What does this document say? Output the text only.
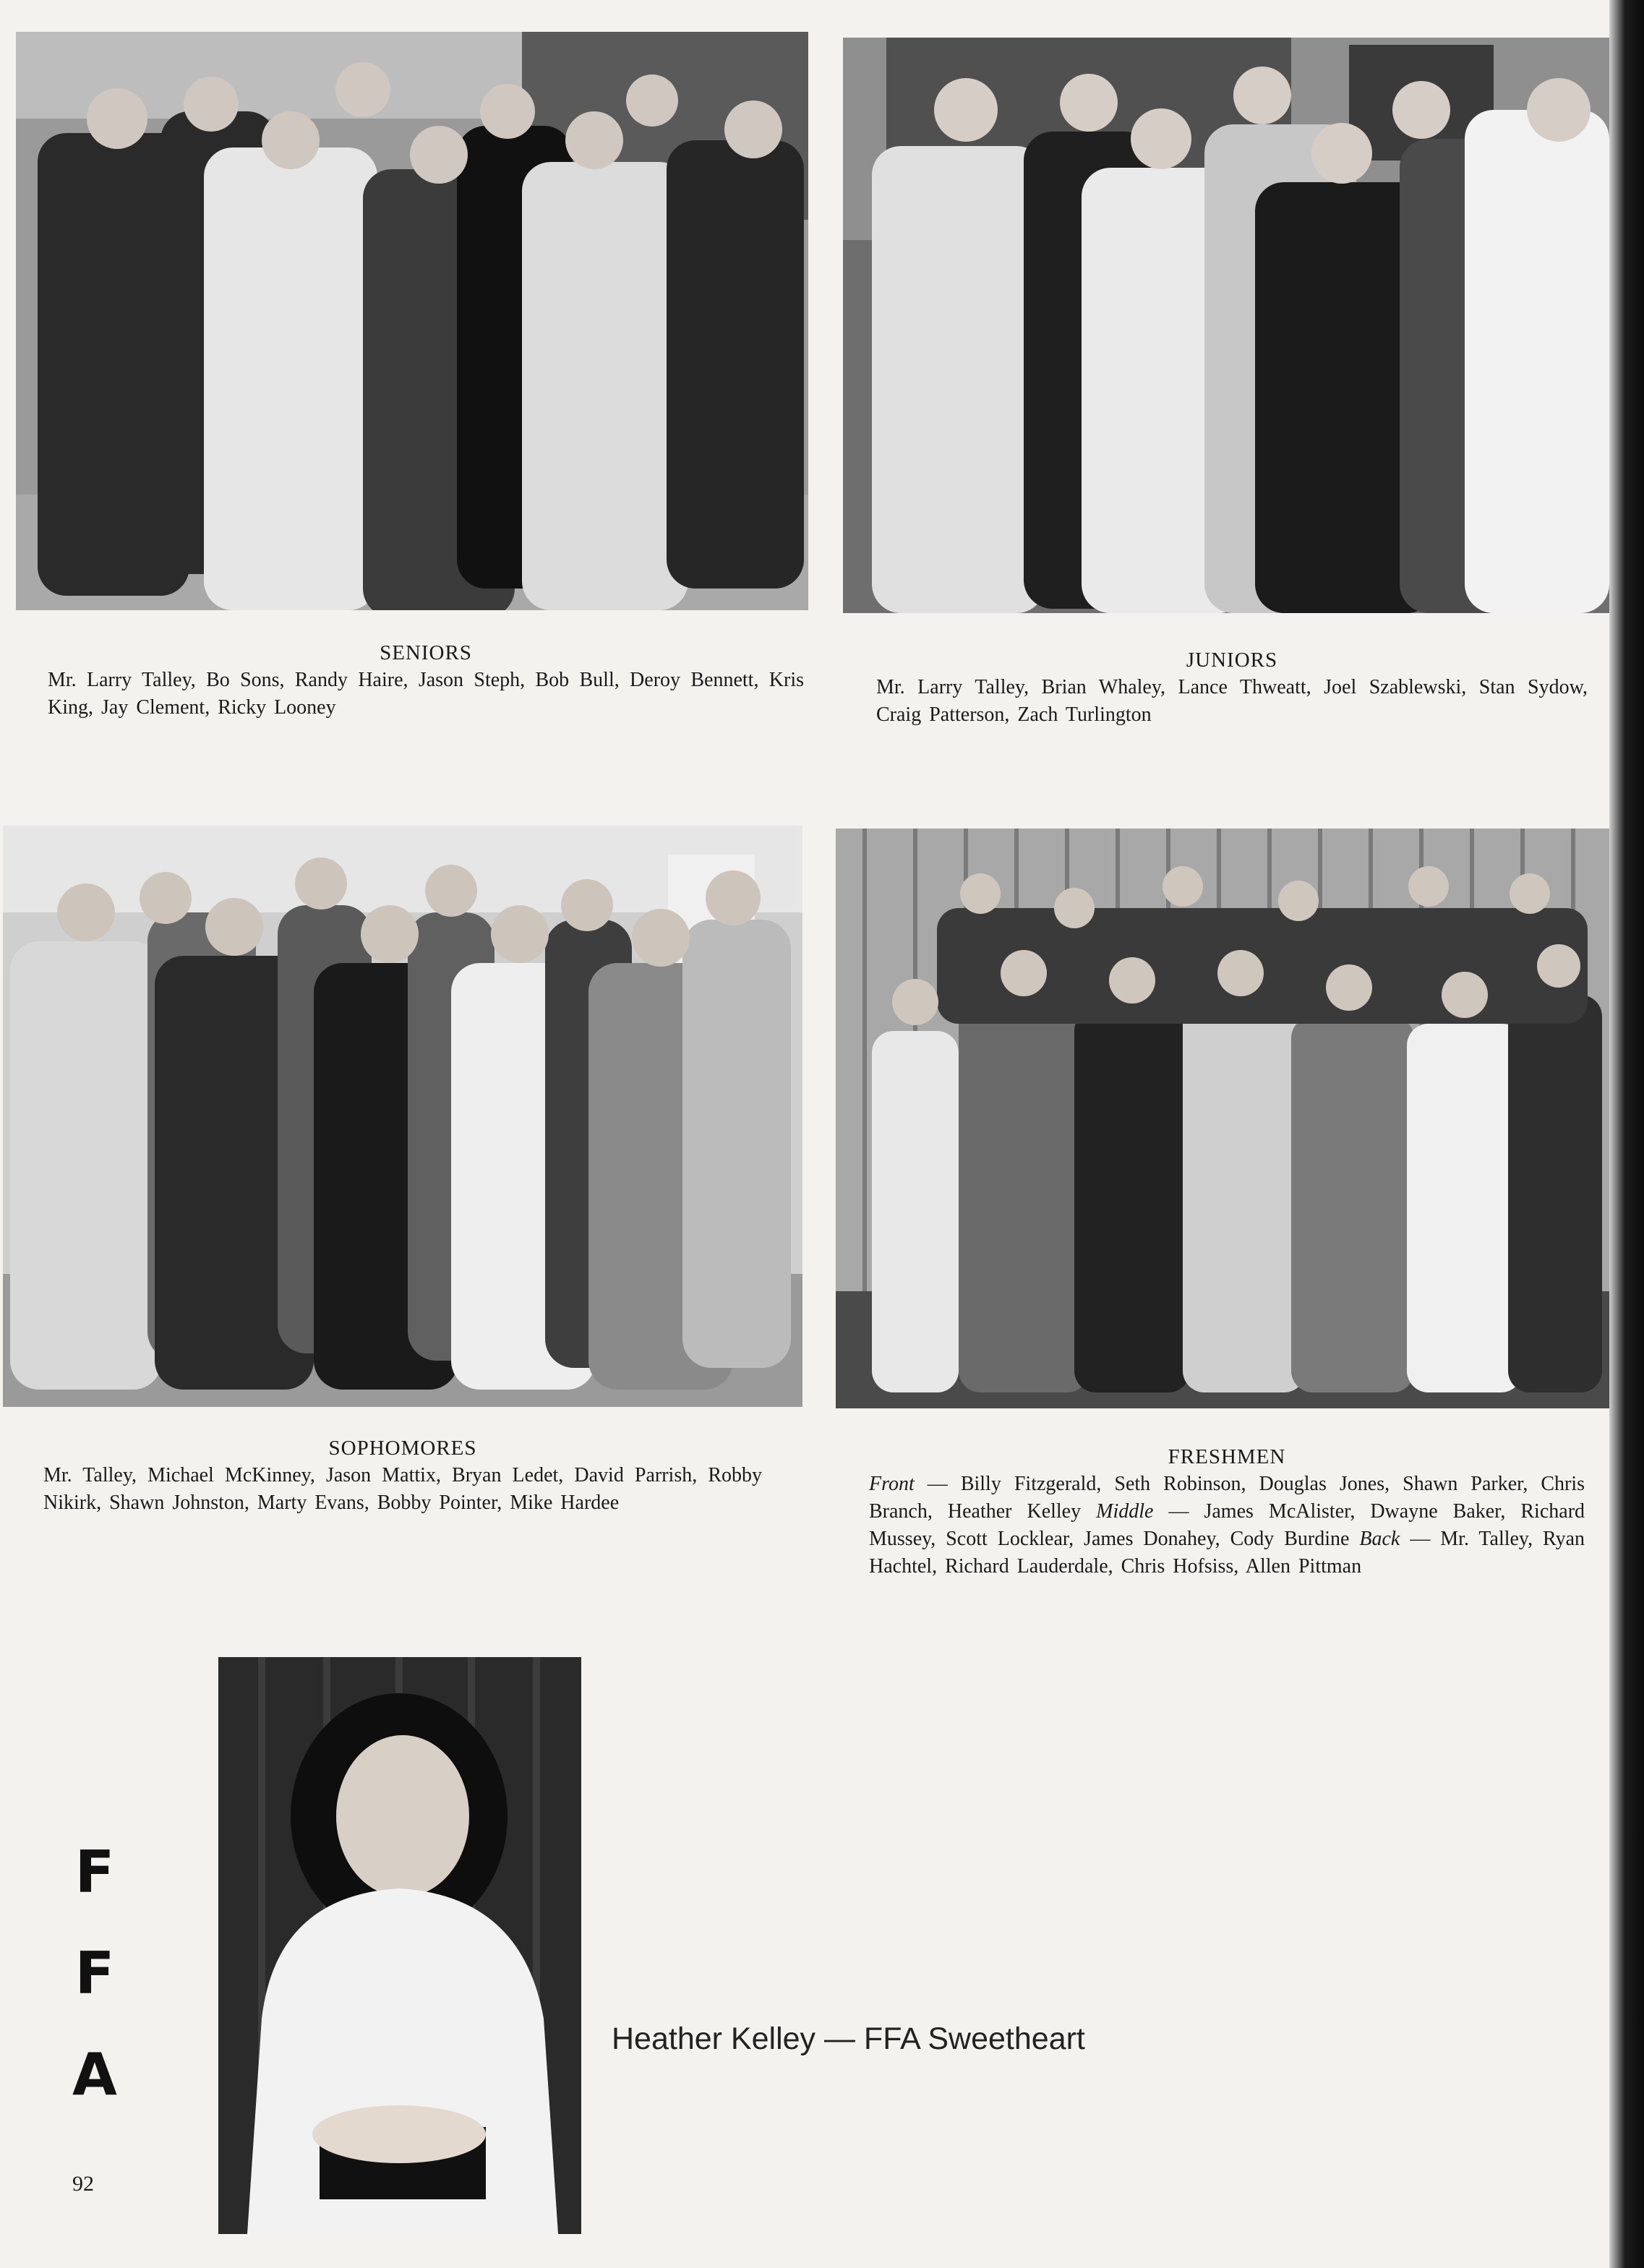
SENIORS
Mr. Larry Talley, Bo Sons, Randy Haire, Jason Steph, Bob Bull, Deroy Bennett, Kris King, Jay Clement, Ricky Looney
JUNIORS
Mr. Larry Talley, Brian Whaley, Lance Thweatt, Joel Szablewski, Stan Sydow, Craig Patterson, Zach Turlington
SOPHOMORES
Mr. Talley, Michael McKinney, Jason Mattix, Bryan Ledet, David Parrish, Robby Nikirk, Shawn Johnston, Marty Evans, Bobby Pointer, Mike Hardee
FRESHMEN
Front — Billy Fitzgerald, Seth Robinson, Douglas Jones, Shawn Parker, Chris Branch, Heather Kelley Middle — James McAlister, Dwayne Baker, Richard Mussey, Scott Locklear, James Donahey, Cody Burdine Back — Mr. Talley, Ryan Hachtel, Richard Lauderdale, Chris Hofsiss, Allen Pittman
F
F
A
Heather Kelley — FFA Sweetheart
92
